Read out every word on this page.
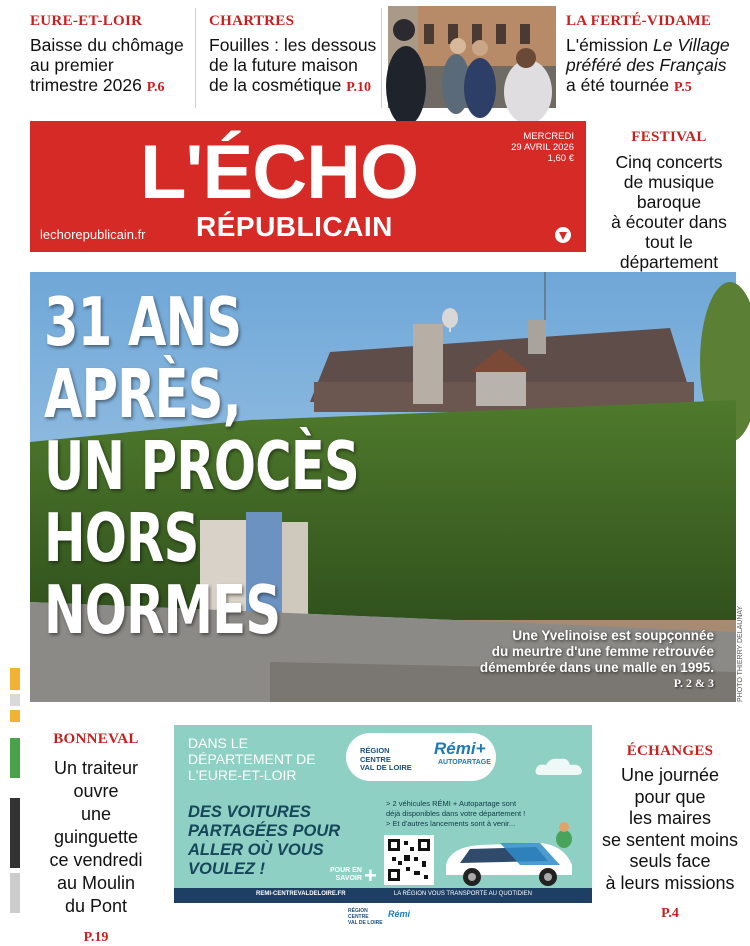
EURE-ET-LOIR
Baisse du chômage
au premier
trimestre 2026 P.6
CHARTRES
Fouilles : les dessous
de la future maison
de la cosmétique P.10
LA FERTÉ-VIDAME
L'émission Le Village
préféré des Français
a été tournée P.5
L'ÉCHO
RÉPUBLICAIN
lechorepublicain.fr
MERCREDI
29 AVRIL 2026
1,60 €
FESTIVAL
Cinq concerts
de musique baroque
à écouter dans
tout le département
31 ANS
APRÈS,
UN PROCÈS
HORS
NORMES	Une Yvelinoise est soupçonnée
du meurtre d'une femme retrouvée
démembrée dans une malle en 1995.
P. 2 & 3	PHOTO THIERRY DELAUNAY
BONNEVAL
Un traiteur
ouvre
une guinguette
ce vendredi
au Moulin
du Pont
P.19
DANS LE
DÉPARTEMENT DE
L'EURE-ET-LOIR
DES VOITURES
PARTAGÉES POUR
ALLER OÙ VOUS
VOULEZ !
RÉGION
CENTRE
VAL DE LOIRE
Rémi+
AUTOPARTAGE
> 2 véhicules RÉMI + Autopartage sont déjà disponibles dans votre département !
> Et d'autres lancements sont à venir...
POUR EN
SAVOIR +
REMI-CENTREVALDELOIRE.FR	LA RÉGION VOUS TRANSPORTE AU QUOTIDIEN
RÉGION
CENTRE
VAL DE LOIRE
Rémi
ÉCHANGES
Une journée
pour que
les maires
se sentent moins
seuls face
à leurs missions
P.4
